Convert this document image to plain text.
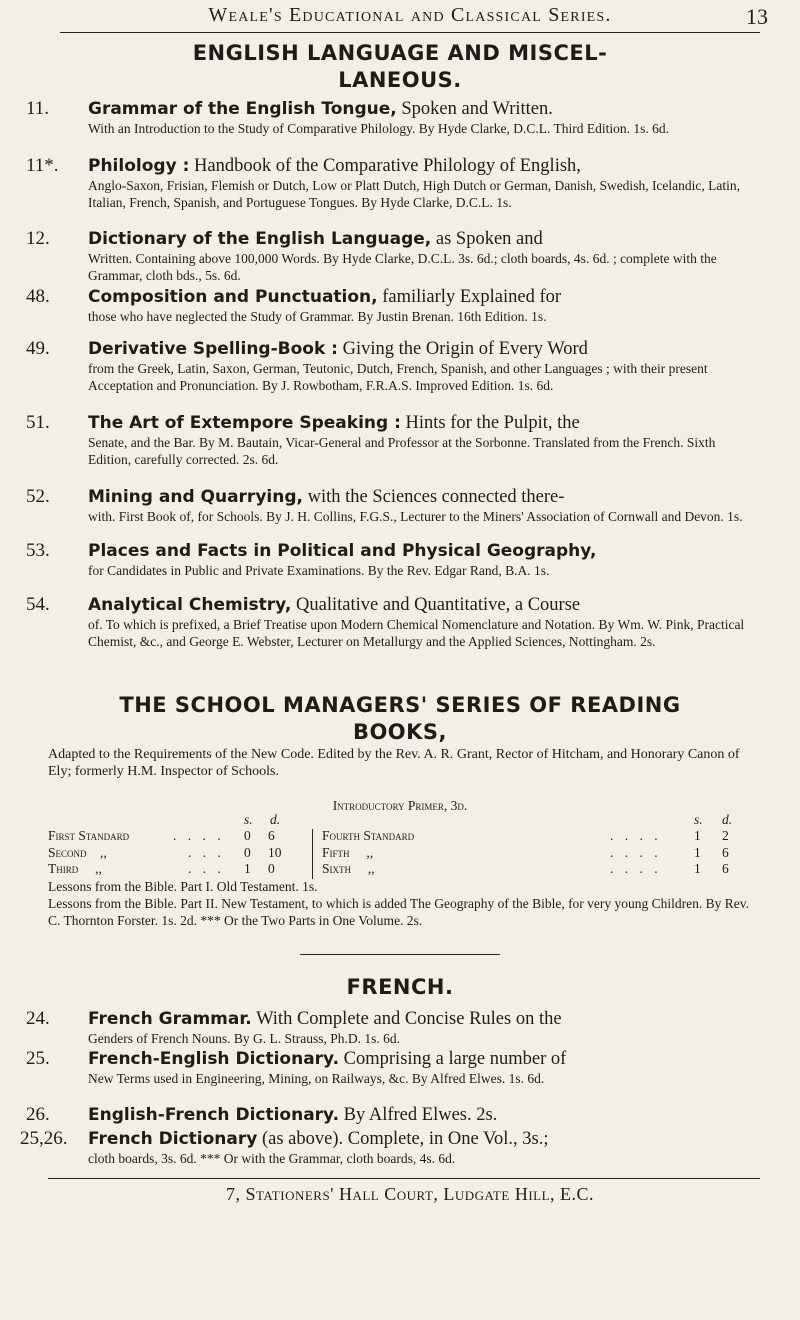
Weale's Educational and Classical Series.	13
ENGLISH LANGUAGE AND MISCEL-
LANEOUS.
11.	Grammar of the English Tongue, Spoken and Written.
With an Introduction to the Study of Comparative Philology. By Hyde Clarke, D.C.L. Third Edition. 1s. 6d.
11*.	Philology : Handbook of the Comparative Philology of English,
Anglo-Saxon, Frisian, Flemish or Dutch, Low or Platt Dutch, High Dutch or German, Danish, Swedish, Icelandic, Latin, Italian, French, Spanish, and Portuguese Tongues. By Hyde Clarke, D.C.L. 1s.
12.	Dictionary of the English Language, as Spoken and
Written. Containing above 100,000 Words. By Hyde Clarke, D.C.L. 3s. 6d.; cloth boards, 4s. 6d. ; complete with the Grammar, cloth bds., 5s. 6d.
48.	Composition and Punctuation, familiarly Explained for
those who have neglected the Study of Grammar. By Justin Brenan. 16th Edition. 1s.
49.	Derivative Spelling-Book : Giving the Origin of Every Word
from the Greek, Latin, Saxon, German, Teutonic, Dutch, French, Spanish, and other Languages ; with their present Acceptation and Pronunciation. By J. Rowbotham, F.R.A.S. Improved Edition. 1s. 6d.
51.	The Art of Extempore Speaking : Hints for the Pulpit, the
Senate, and the Bar. By M. Bautain, Vicar-General and Professor at the Sorbonne. Translated from the French. Sixth Edition, carefully corrected. 2s. 6d.
52.	Mining and Quarrying, with the Sciences connected there-
with. First Book of, for Schools. By J. H. Collins, F.G.S., Lecturer to the Miners' Association of Cornwall and Devon. 1s.
53.	Places and Facts in Political and Physical Geography,
for Candidates in Public and Private Examinations. By the Rev. Edgar Rand, B.A. 1s.
54.	Analytical Chemistry, Qualitative and Quantitative, a Course
of. To which is prefixed, a Brief Treatise upon Modern Chemical Nomenclature and Notation. By Wm. W. Pink, Practical Chemist, &c., and George E. Webster, Lecturer on Metallurgy and the Applied Sciences, Nottingham. 2s.
THE SCHOOL MANAGERS' SERIES OF READING
BOOKS,
Adapted to the Requirements of the New Code. Edited by the Rev. A. R. Grant, Rector of Hitcham, and Honorary Canon of Ely; formerly H.M. Inspector of Schools.
Introductory Primer, 3d.
s. d.
First Standard	. . . . 0 6
Second    ,,	. . . 0 10
Third     ,,	. . . 1 0
s. d.
Fourth Standard	. . . . 1 2
Fifth     ,,	. . . . 1 6
Sixth     ,,	. . . . 1 6
Lessons from the Bible. Part I. Old Testament. 1s.
Lessons from the Bible. Part II. New Testament, to which is added The Geography of the Bible, for very young Children. By Rev. C. Thornton Forster. 1s. 2d. *** Or the Two Parts in One Volume. 2s.
FRENCH.
24.	French Grammar. With Complete and Concise Rules on the
Genders of French Nouns. By G. L. Strauss, Ph.D. 1s. 6d.
25.	French-English Dictionary. Comprising a large number of
New Terms used in Engineering, Mining, on Railways, &c. By Alfred Elwes. 1s. 6d.
26.	English-French Dictionary. By Alfred Elwes. 2s.
25,26. French Dictionary (as above). Complete, in One Vol., 3s.;
cloth boards, 3s. 6d. *** Or with the Grammar, cloth boards, 4s. 6d.
7, Stationers' Hall Court, Ludgate Hill, E.C.
